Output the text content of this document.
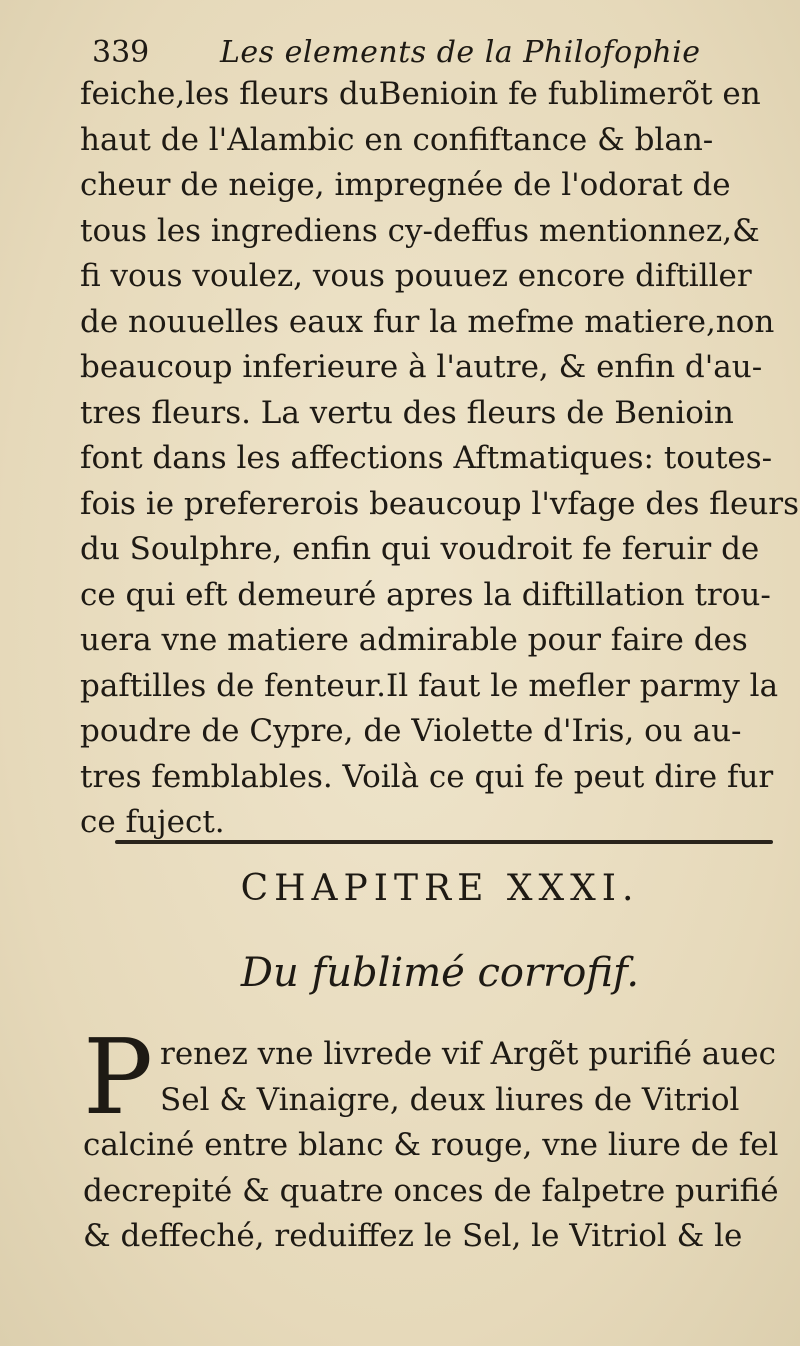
339 Les elements de la Philofophie
feiche,les fleurs duBenioin fe fublimerõt en
haut de l'Alambic en confiftance & blan-
cheur de neige, impregnée de l'odorat de
tous les ingrediens cy-deffus mentionnez,&
fi vous voulez, vous pouuez encore diftiller
de nouuelles eaux fur la mefme matiere,non
beaucoup inferieure à l'autre, & enfin d'au-
tres fleurs. La vertu des fleurs de Benioin
font dans les affections Aftmatiques: toutes-
fois ie prefererois beaucoup l'vfage des fleurs
du Soulphre, enfin qui voudroit fe feruir de
ce qui eft demeuré apres la diftillation trou-
uera vne matiere admirable pour faire des
paftilles de fenteur.Il faut le mefler parmy la
poudre de Cypre, de Violette d'Iris, ou au-
tres femblables. Voilà ce qui fe peut dire fur
ce fuject.
CHAPITRE XXXI.
Du fublimé corrofif.
P renez vne livrede vif Argẽt purifié auec
Sel & Vinaigre, deux liures de Vitriol
calciné entre blanc & rouge, vne liure de fel
decrepité & quatre onces de falpetre purifié
& deffeché, reduiffez le Sel, le Vitriol & le
